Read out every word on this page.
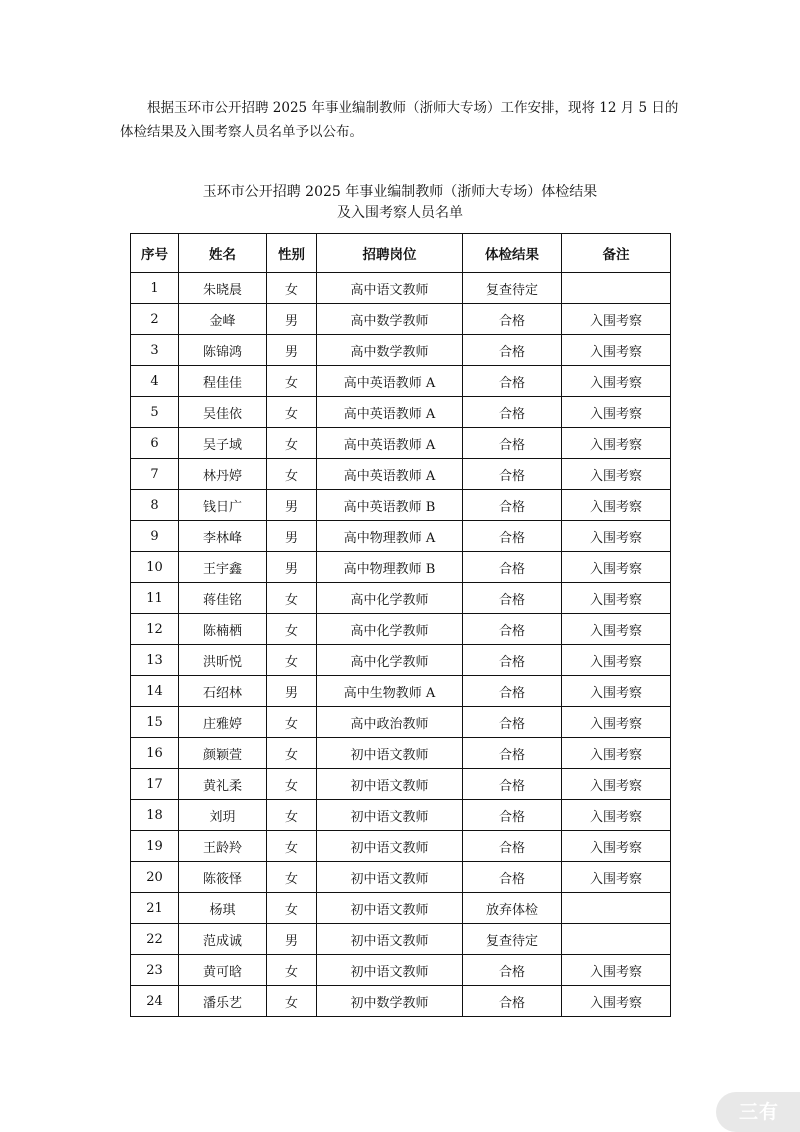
根据玉环市公开招聘 2025 年事业编制教师（浙师大专场）工作安排，现将 12 月 5 日的体检结果及入围考察人员名单予以公布。

玉环市公开招聘 2025 年事业编制教师（浙师大专场）体检结果

及入围考察人员名单

序号	姓名	性别	招聘岗位	体检结果	备注
1	朱晓晨	女	高中语文教师	复查待定	
2	金峰	男	高中数学教师	合格	入围考察
3	陈锦鸿	男	高中数学教师	合格	入围考察
4	程佳佳	女	高中英语教师 A	合格	入围考察
5	吴佳依	女	高中英语教师 A	合格	入围考察
6	吴子域	女	高中英语教师 A	合格	入围考察
7	林丹婷	女	高中英语教师 A	合格	入围考察
8	钱日广	男	高中英语教师 B	合格	入围考察
9	李林峰	男	高中物理教师 A	合格	入围考察
10	王宇鑫	男	高中物理教师 B	合格	入围考察
11	蒋佳铭	女	高中化学教师	合格	入围考察
12	陈楠栖	女	高中化学教师	合格	入围考察
13	洪昕悦	女	高中化学教师	合格	入围考察
14	石绍林	男	高中生物教师 A	合格	入围考察
15	庄雅婷	女	高中政治教师	合格	入围考察
16	颜颖萱	女	初中语文教师	合格	入围考察
17	黄礼柔	女	初中语文教师	合格	入围考察
18	刘玥	女	初中语文教师	合格	入围考察
19	王龄羚	女	初中语文教师	合格	入围考察
20	陈筱怿	女	初中语文教师	合格	入围考察
21	杨琪	女	初中语文教师	放弃体检	
22	范成诚	男	初中语文教师	复查待定	
23	黄可晗	女	初中语文教师	合格	入围考察
24	潘乐艺	女	初中数学教师	合格	入围考察
三有
